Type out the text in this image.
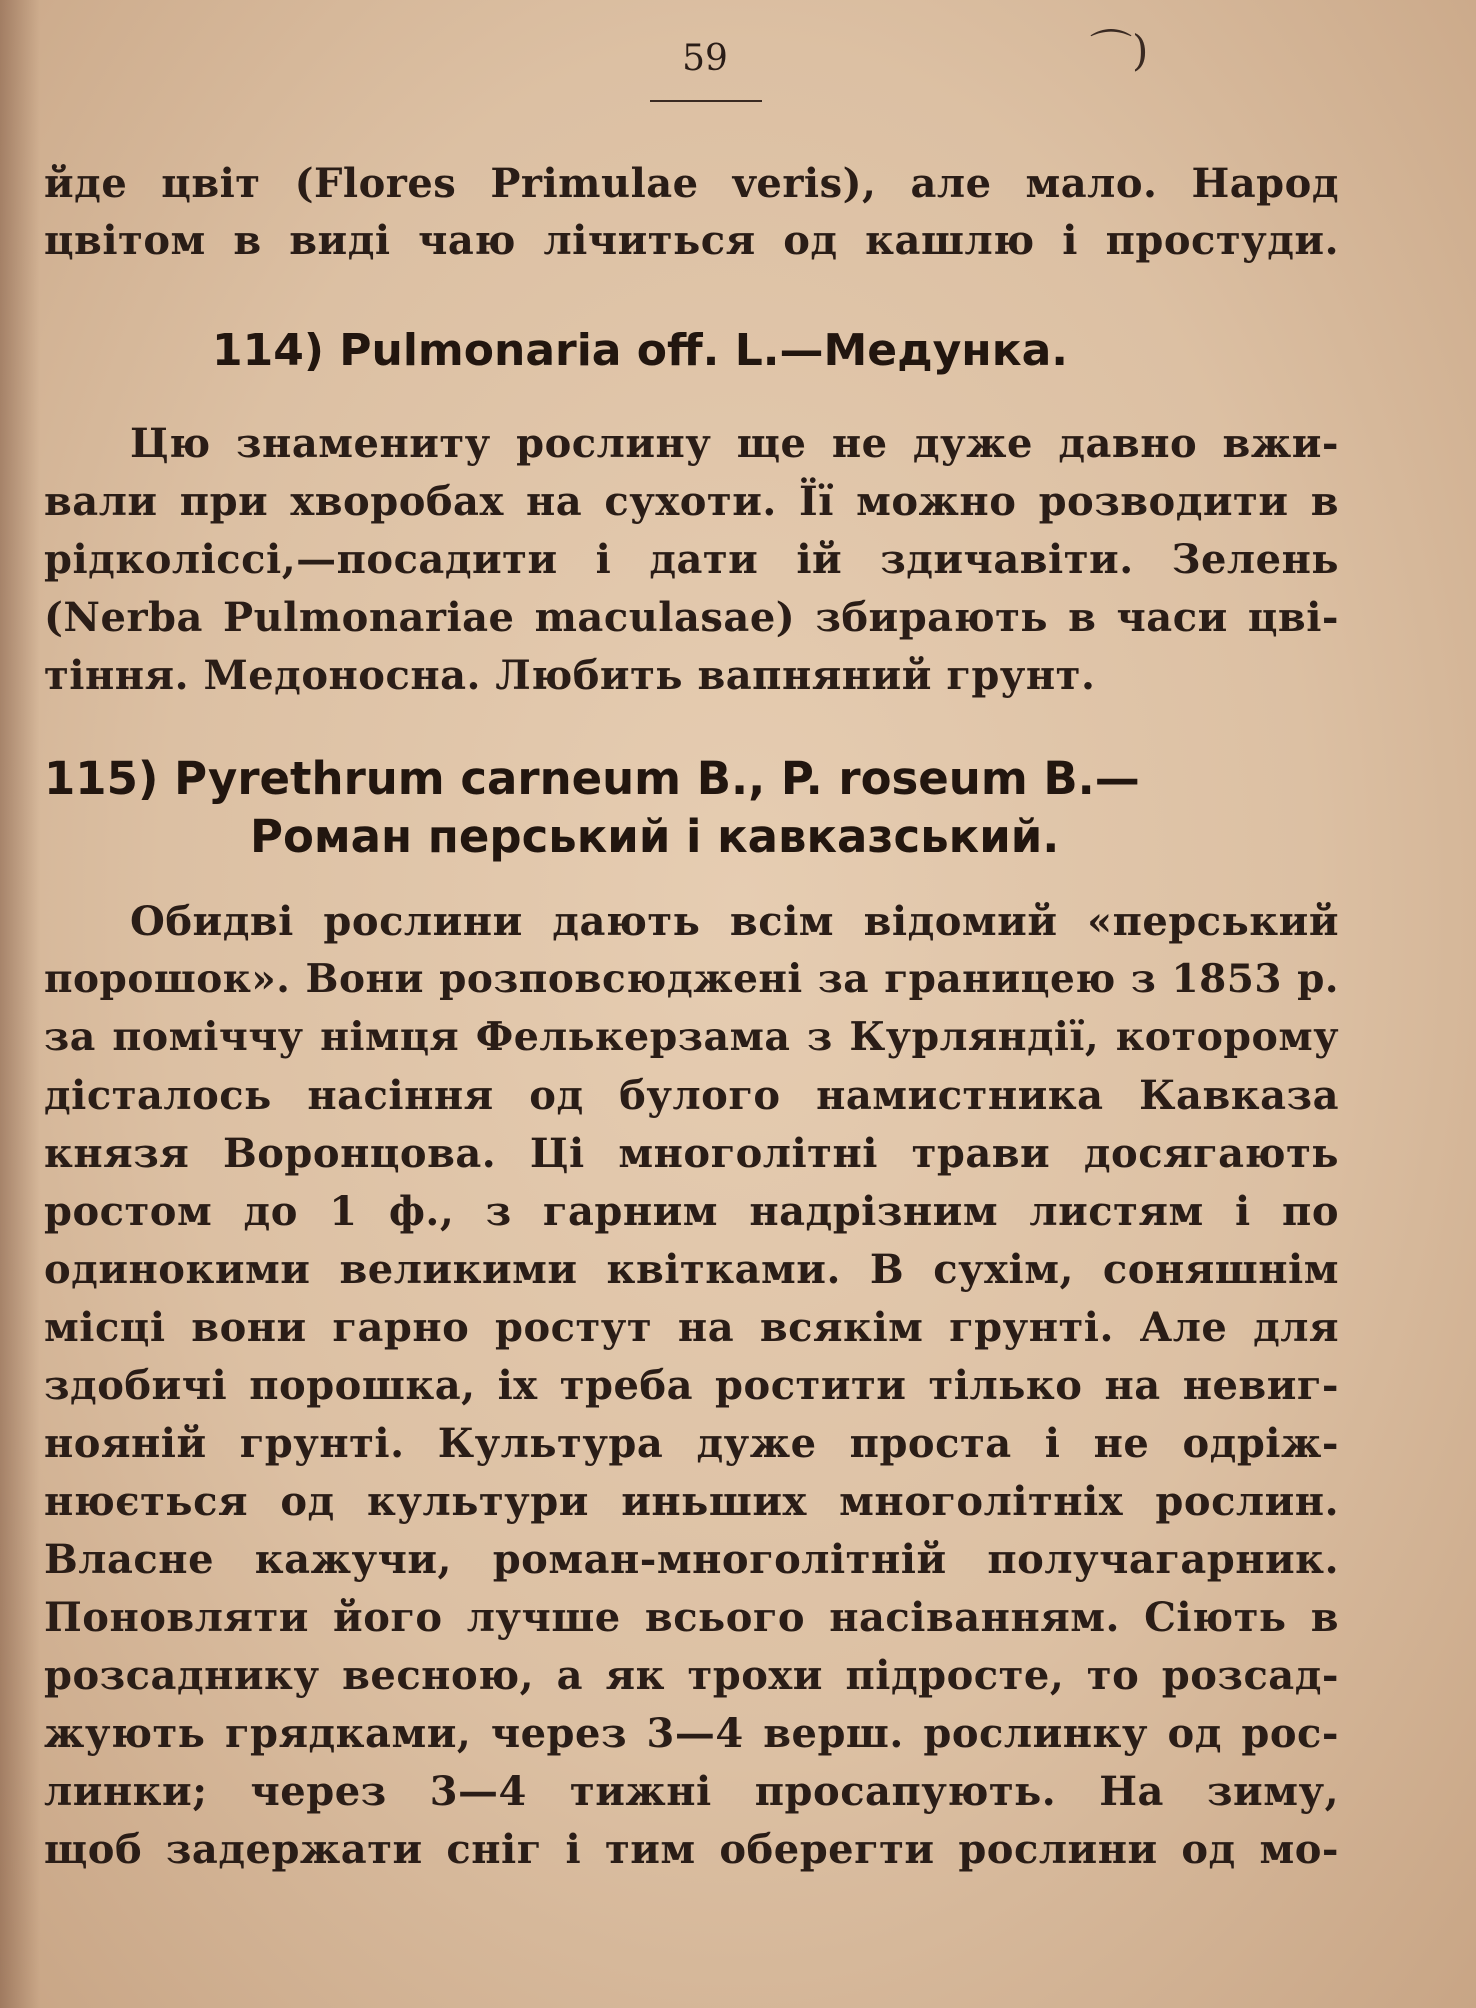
⌒)
59
йде цвіт (Flores Primulae veris), але мало. Народ
цвітом в виді чаю лічиться од кашлю і простуди.
114) Pulmonaria off. L.—Медунка.
Цю знамениту рослину ще не дуже давно вжи-
вали при хворобах на сухоти. Її можно розводити в
рідколіссі,—посадити і дати ій здичавіти. Зелень
(Nerba Pulmonariae maculasae) збирають в часи цві-
тіння. Медоносна. Любить вапняний грунт.
115) Pyrethrum carneum B., P. roseum B.—
Роман перський і кавказський.
Обидві рослини дають всім відомий «перський
порошок». Вони розповсюджені за границею з 1853 р.
за поміччу німця Фелькерзама з Курляндії, которому
дісталось насіння од булого намистника Кавказа
князя Воронцова. Ці многолітні трави досягають
ростом до 1 ф., з гарним надрізним листям і по
одинокими великими квітками. В сухім, соняшнім
місці вони гарно ростут на всякім грунті. Але для
здобичі порошка, іх треба ростити тілько на невиг-
нояній грунті. Культура дуже проста і не одріж-
нюється од культури иньших многолітніх рослин.
Власне кажучи, роман-многолітній получагарник.
Поновляти його лучше всього насіванням. Сіють в
розсаднику весною, а як трохи підросте, то розсад-
жують грядками, через 3—4 верш. рослинку од рос-
линки; через 3—4 тижні просапують. На зиму,
щоб задержати сніг і тим оберегти рослини од мо-
